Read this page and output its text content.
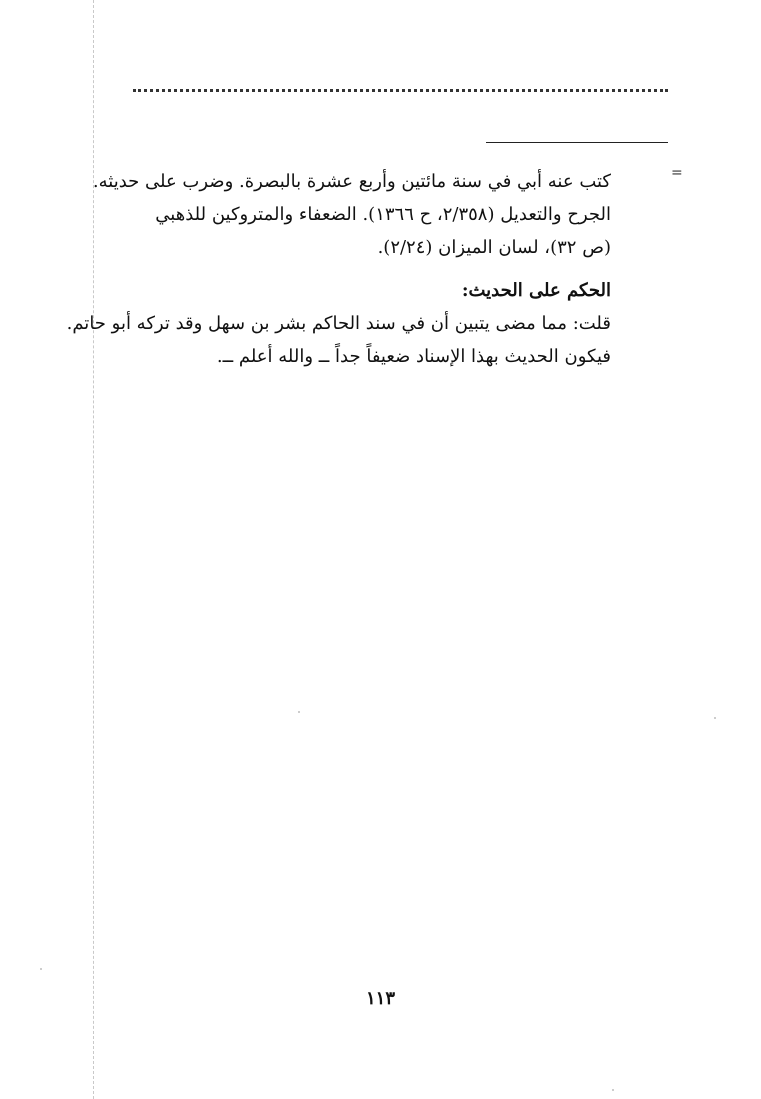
=
كتب عنه أبي في سنة مائتين وأربع عشرة بالبصرة. وضرب على حديثه.
الجرح والتعديل (٢/٣٥٨، ح ١٣٦٦). الضعفاء والمتروكين للذهبي
(ص ٣٢)، لسان الميزان (٢/٢٤).
الحكم على الحديث:
قلت: مما مضى يتبين أن في سند الحاكم بشر بن سهل وقد تركه أبو حاتم.
فيكون الحديث بهذا الإسناد ضعيفاً جداً ــ والله أعلم ــ.
١١٣
